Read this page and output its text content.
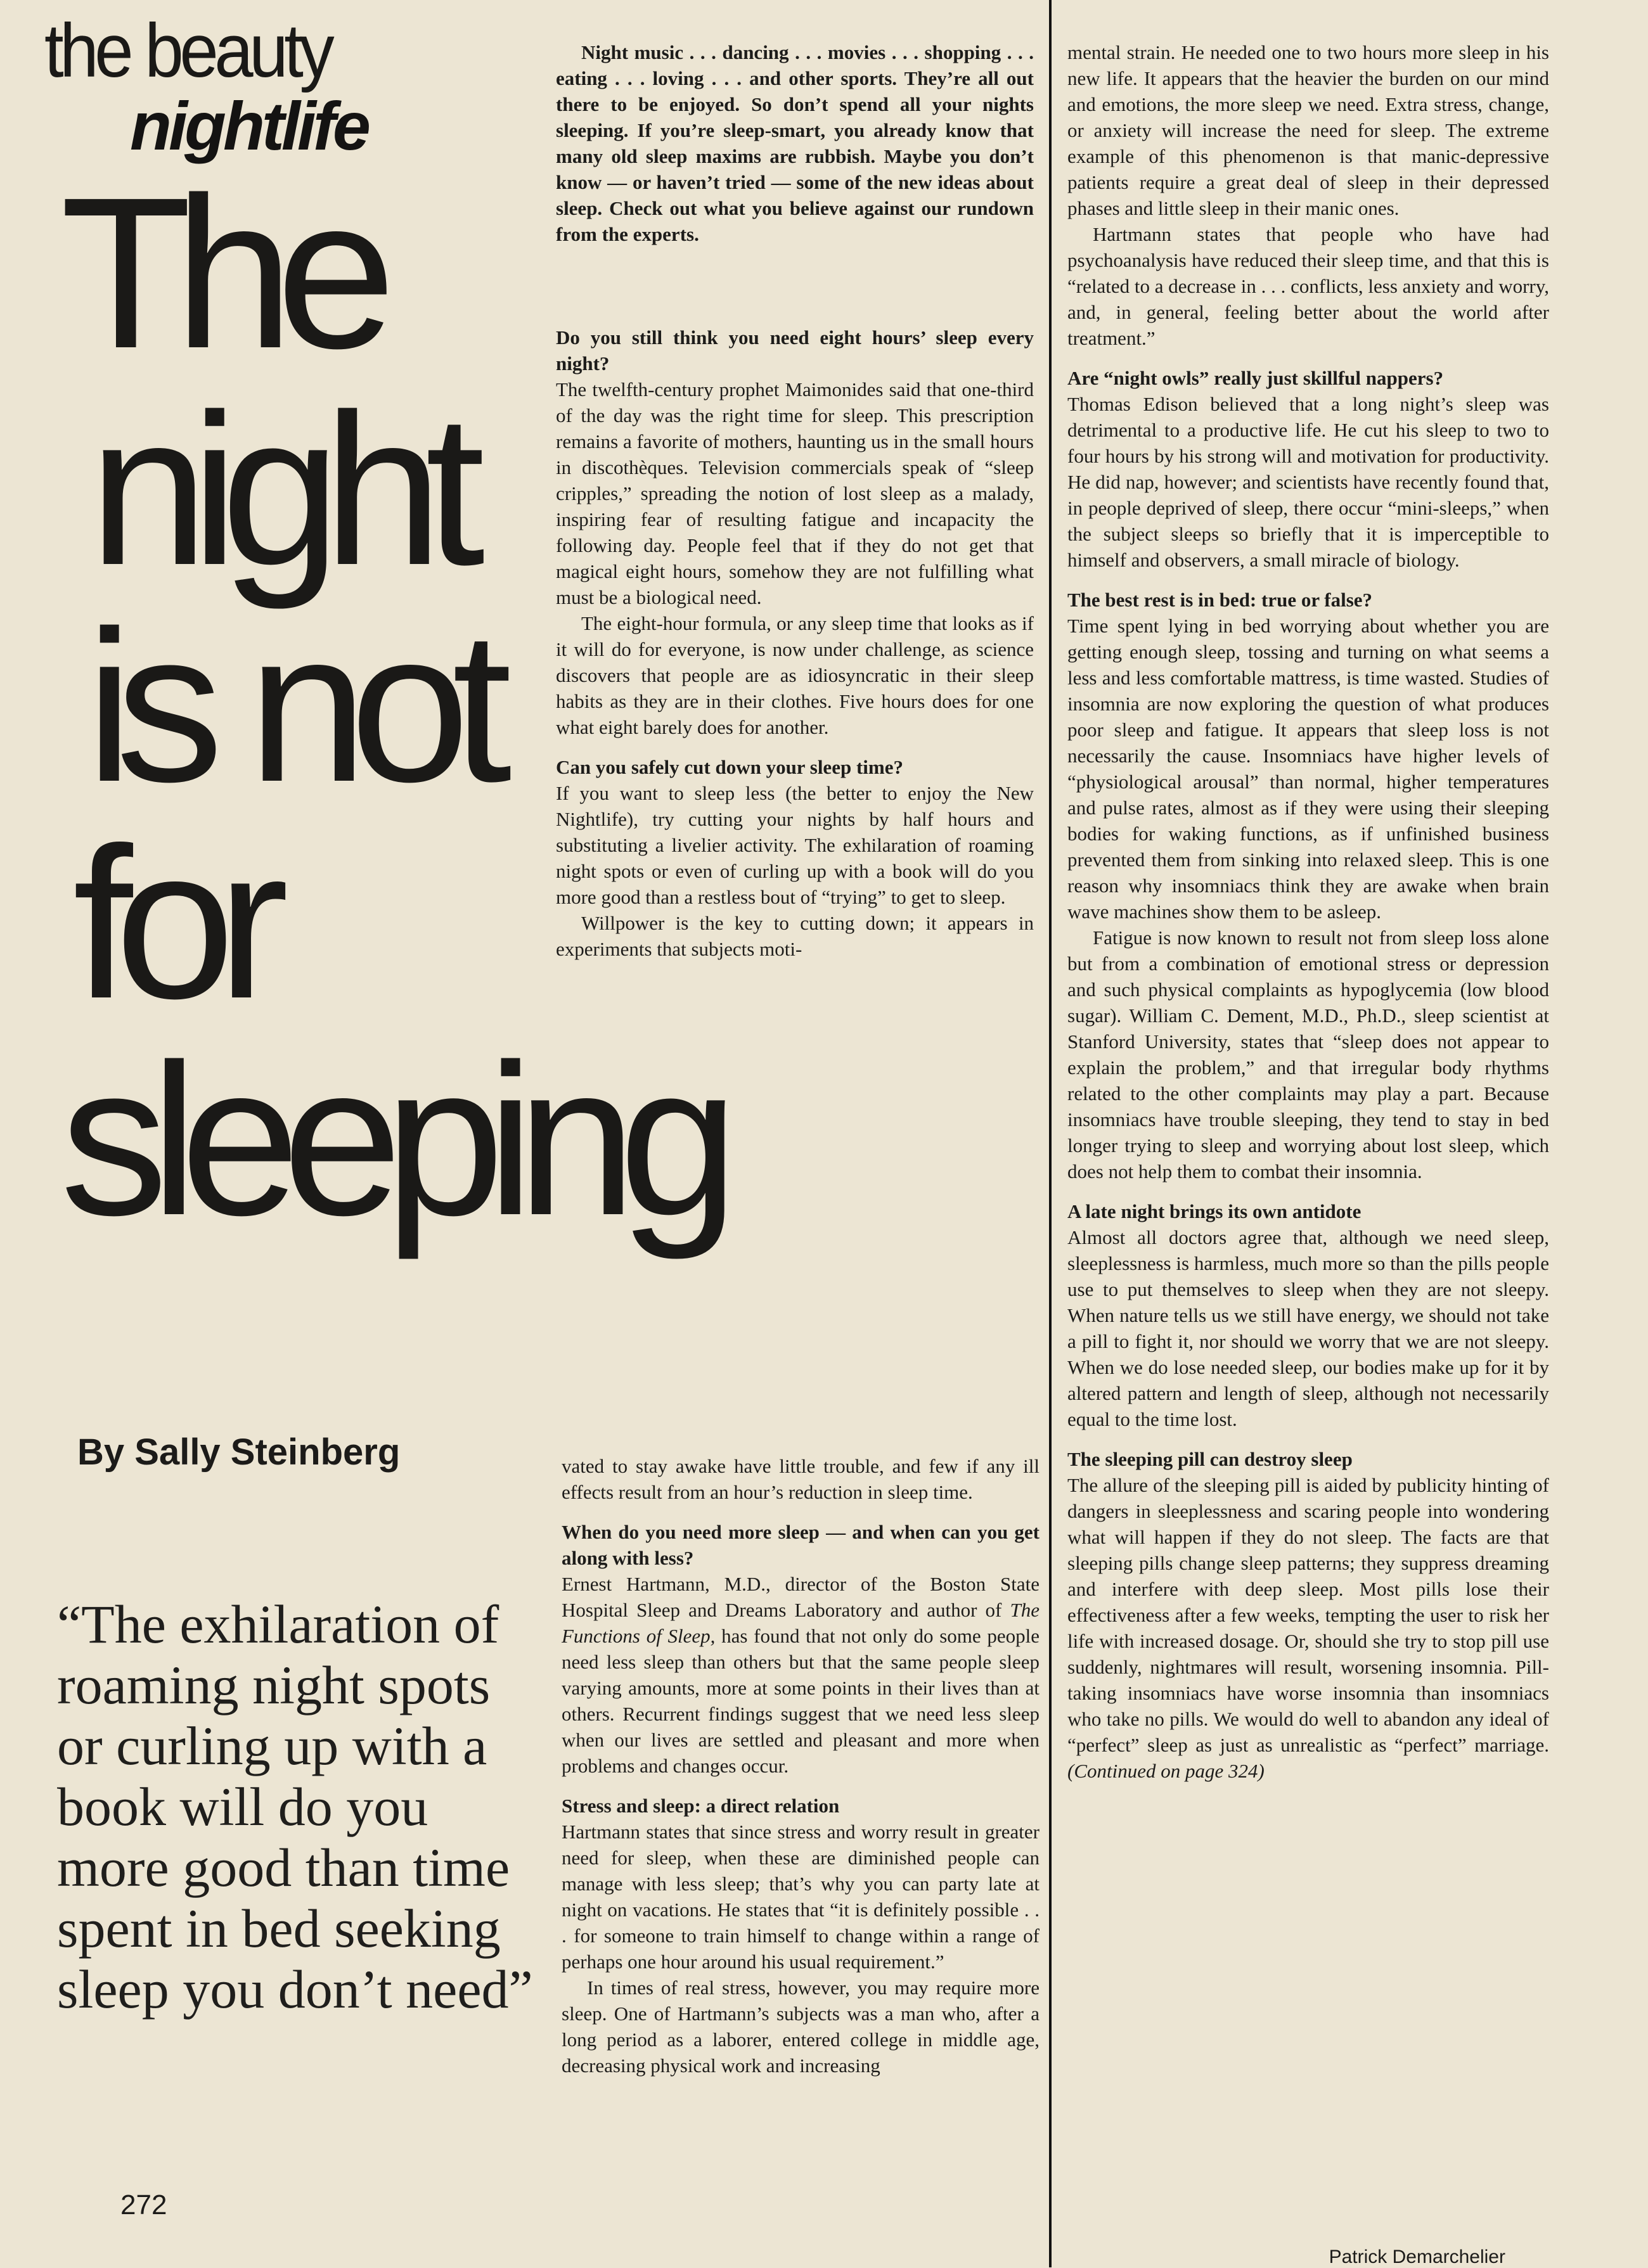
the beauty
nightlife
The
night
is not
for
sleeping
By Sally Steinberg
“The exhilaration of roaming night spots or curling up with a book will do you more good than time spent in bed seeking sleep you don’t need”
272

Night music . . . dancing . . . movies . . . shopping . . . eating . . . loving . . . and other sports. They’re all out there to be enjoyed. So don’t spend all your nights sleeping. If you’re sleep-smart, you already know that many old sleep maxims are rubbish. Maybe you don’t know — or haven’t tried — some of the new ideas about sleep. Check out what you believe against our rundown from the experts.

Do you still think you need eight hours’ sleep every night?

The twelfth-century prophet Maimonides said that one-third of the day was the right time for sleep. This prescription remains a favorite of mothers, haunting us in the small hours in discothèques. Television commercials speak of “sleep cripples,” spreading the notion of lost sleep as a malady, inspiring fear of resulting fatigue and incapacity the following day. People feel that if they do not get that magical eight hours, somehow they are not fulfilling what must be a biological need.

The eight-hour formula, or any sleep time that looks as if it will do for everyone, is now under challenge, as science discovers that people are as idiosyncratic in their sleep habits as they are in their clothes. Five hours does for one what eight barely does for another.

Can you safely cut down your sleep time?

If you want to sleep less (the better to enjoy the New Nightlife), try cutting your nights by half hours and substituting a livelier activity. The exhilaration of roaming night spots or even of curling up with a book will do you more good than a restless bout of “trying” to get to sleep.

Willpower is the key to cutting down; it appears in experiments that subjects moti-

vated to stay awake have little trouble, and few if any ill effects result from an hour’s reduction in sleep time.

When do you need more sleep — and when can you get along with less?

Ernest Hartmann, M.D., director of the Boston State Hospital Sleep and Dreams Laboratory and author of The Functions of Sleep, has found that not only do some people need less sleep than others but that the same people sleep varying amounts, more at some points in their lives than at others. Recurrent findings suggest that we need less sleep when our lives are settled and pleasant and more when problems and changes occur.

Stress and sleep: a direct relation

Hartmann states that since stress and worry result in greater need for sleep, when these are diminished people can manage with less sleep; that’s why you can party late at night on vacations. He states that “it is definitely possible . . . for someone to train himself to change within a range of perhaps one hour around his usual requirement.”

In times of real stress, however, you may require more sleep. One of Hartmann’s subjects was a man who, after a long period as a laborer, entered college in middle age, decreasing physical work and increasing

mental strain. He needed one to two hours more sleep in his new life. It appears that the heavier the burden on our mind and emotions, the more sleep we need. Extra stress, change, or anxiety will increase the need for sleep. The extreme example of this phenomenon is that manic-depressive patients require a great deal of sleep in their depressed phases and little sleep in their manic ones.

Hartmann states that people who have had psychoanalysis have reduced their sleep time, and that this is “related to a decrease in . . . conflicts, less anxiety and worry, and, in general, feeling better about the world after treatment.”

Are “night owls” really just skillful nappers?

Thomas Edison believed that a long night’s sleep was detrimental to a productive life. He cut his sleep to two to four hours by his strong will and motivation for productivity. He did nap, however; and scientists have recently found that, in people deprived of sleep, there occur “mini-sleeps,” when the subject sleeps so briefly that it is imperceptible to himself and observers, a small miracle of biology.

The best rest is in bed: true or false?

Time spent lying in bed worrying about whether you are getting enough sleep, tossing and turning on what seems a less and less comfortable mattress, is time wasted. Studies of insomnia are now exploring the question of what produces poor sleep and fatigue. It appears that sleep loss is not necessarily the cause. Insomniacs have higher levels of “physiological arousal” than normal, higher temperatures and pulse rates, almost as if they were using their sleeping bodies for waking functions, as if unfinished business prevented them from sinking into relaxed sleep. This is one reason why insomniacs think they are awake when brain wave machines show them to be asleep.

Fatigue is now known to result not from sleep loss alone but from a combination of emotional stress or depression and such physical complaints as hypoglycemia (low blood sugar). William C. Dement, M.D., Ph.D., sleep scientist at Stanford University, states that “sleep does not appear to explain the problem,” and that irregular body rhythms related to the other complaints may play a part. Because insomniacs have trouble sleeping, they tend to stay in bed longer trying to sleep and worrying about lost sleep, which does not help them to combat their insomnia.

A late night brings its own antidote

Almost all doctors agree that, although we need sleep, sleeplessness is harmless, much more so than the pills people use to put themselves to sleep when they are not sleepy. When nature tells us we still have energy, we should not take a pill to fight it, nor should we worry that we are not sleepy. When we do lose needed sleep, our bodies make up for it by altered pattern and length of sleep, although not necessarily equal to the time lost.

The sleeping pill can destroy sleep

The allure of the sleeping pill is aided by publicity hinting of dangers in sleeplessness and scaring people into wondering what will happen if they do not sleep. The facts are that sleeping pills change sleep patterns; they suppress dreaming and interfere with deep sleep. Most pills lose their effectiveness after a few weeks, tempting the user to risk her life with increased dosage. Or, should she try to stop pill use suddenly, nightmares will result, worsening insomnia. Pill-taking insomniacs have worse insomnia than insomniacs who take no pills. We would do well to abandon any ideal of “perfect” sleep as just as unrealistic as “perfect” marriage. (Continued on page 324)

Patrick Demarchelier
